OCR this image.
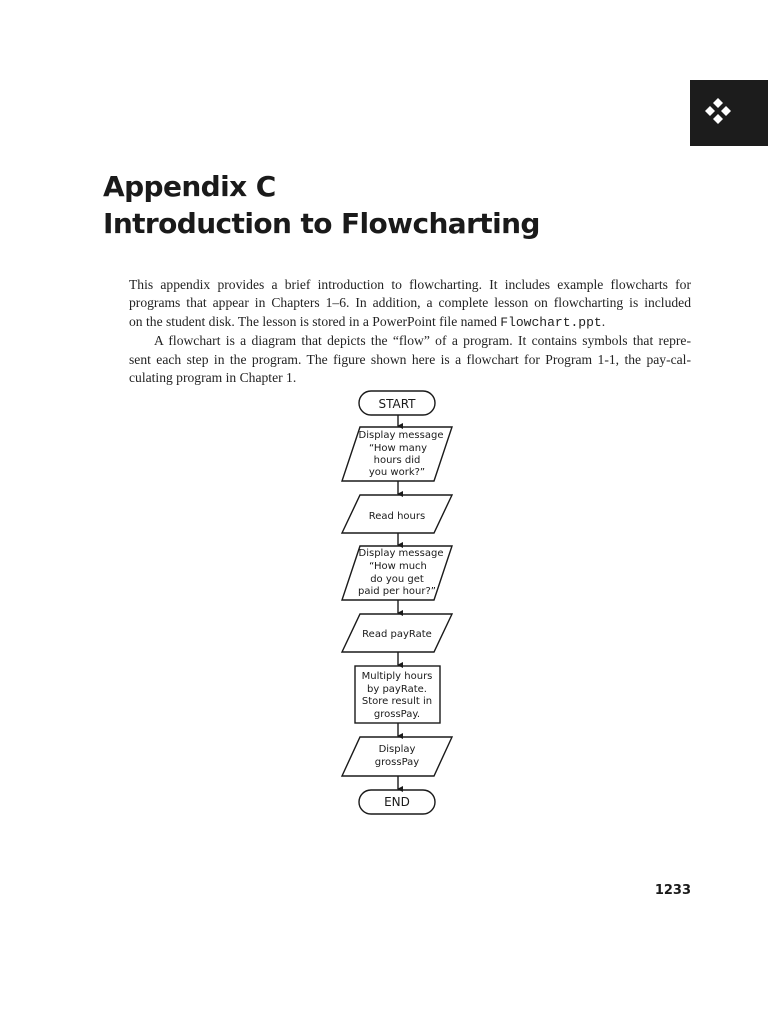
Appendix C
Introduction to Flowcharting
This appendix provides a brief introduction to flowcharting. It includes example flowcharts for
programs that appear in Chapters 1–6. In addition, a complete lesson on flowcharting is included
on the student disk. The lesson is stored in a PowerPoint file named Flowchart.ppt.
A flowchart is a diagram that depicts the “flow” of a program. It contains symbols that repre-
sent each step in the program. The figure shown here is a flowchart for Program 1-1, the pay-cal-
culating program in Chapter 1.
START
Display message
“How many
hours did
you work?”
Read hours
Display message
“How much
do you get
paid per hour?”
Read payRate
Multiply hours
by payRate.
Store result in
grossPay.
Display
grossPay
END
1233
